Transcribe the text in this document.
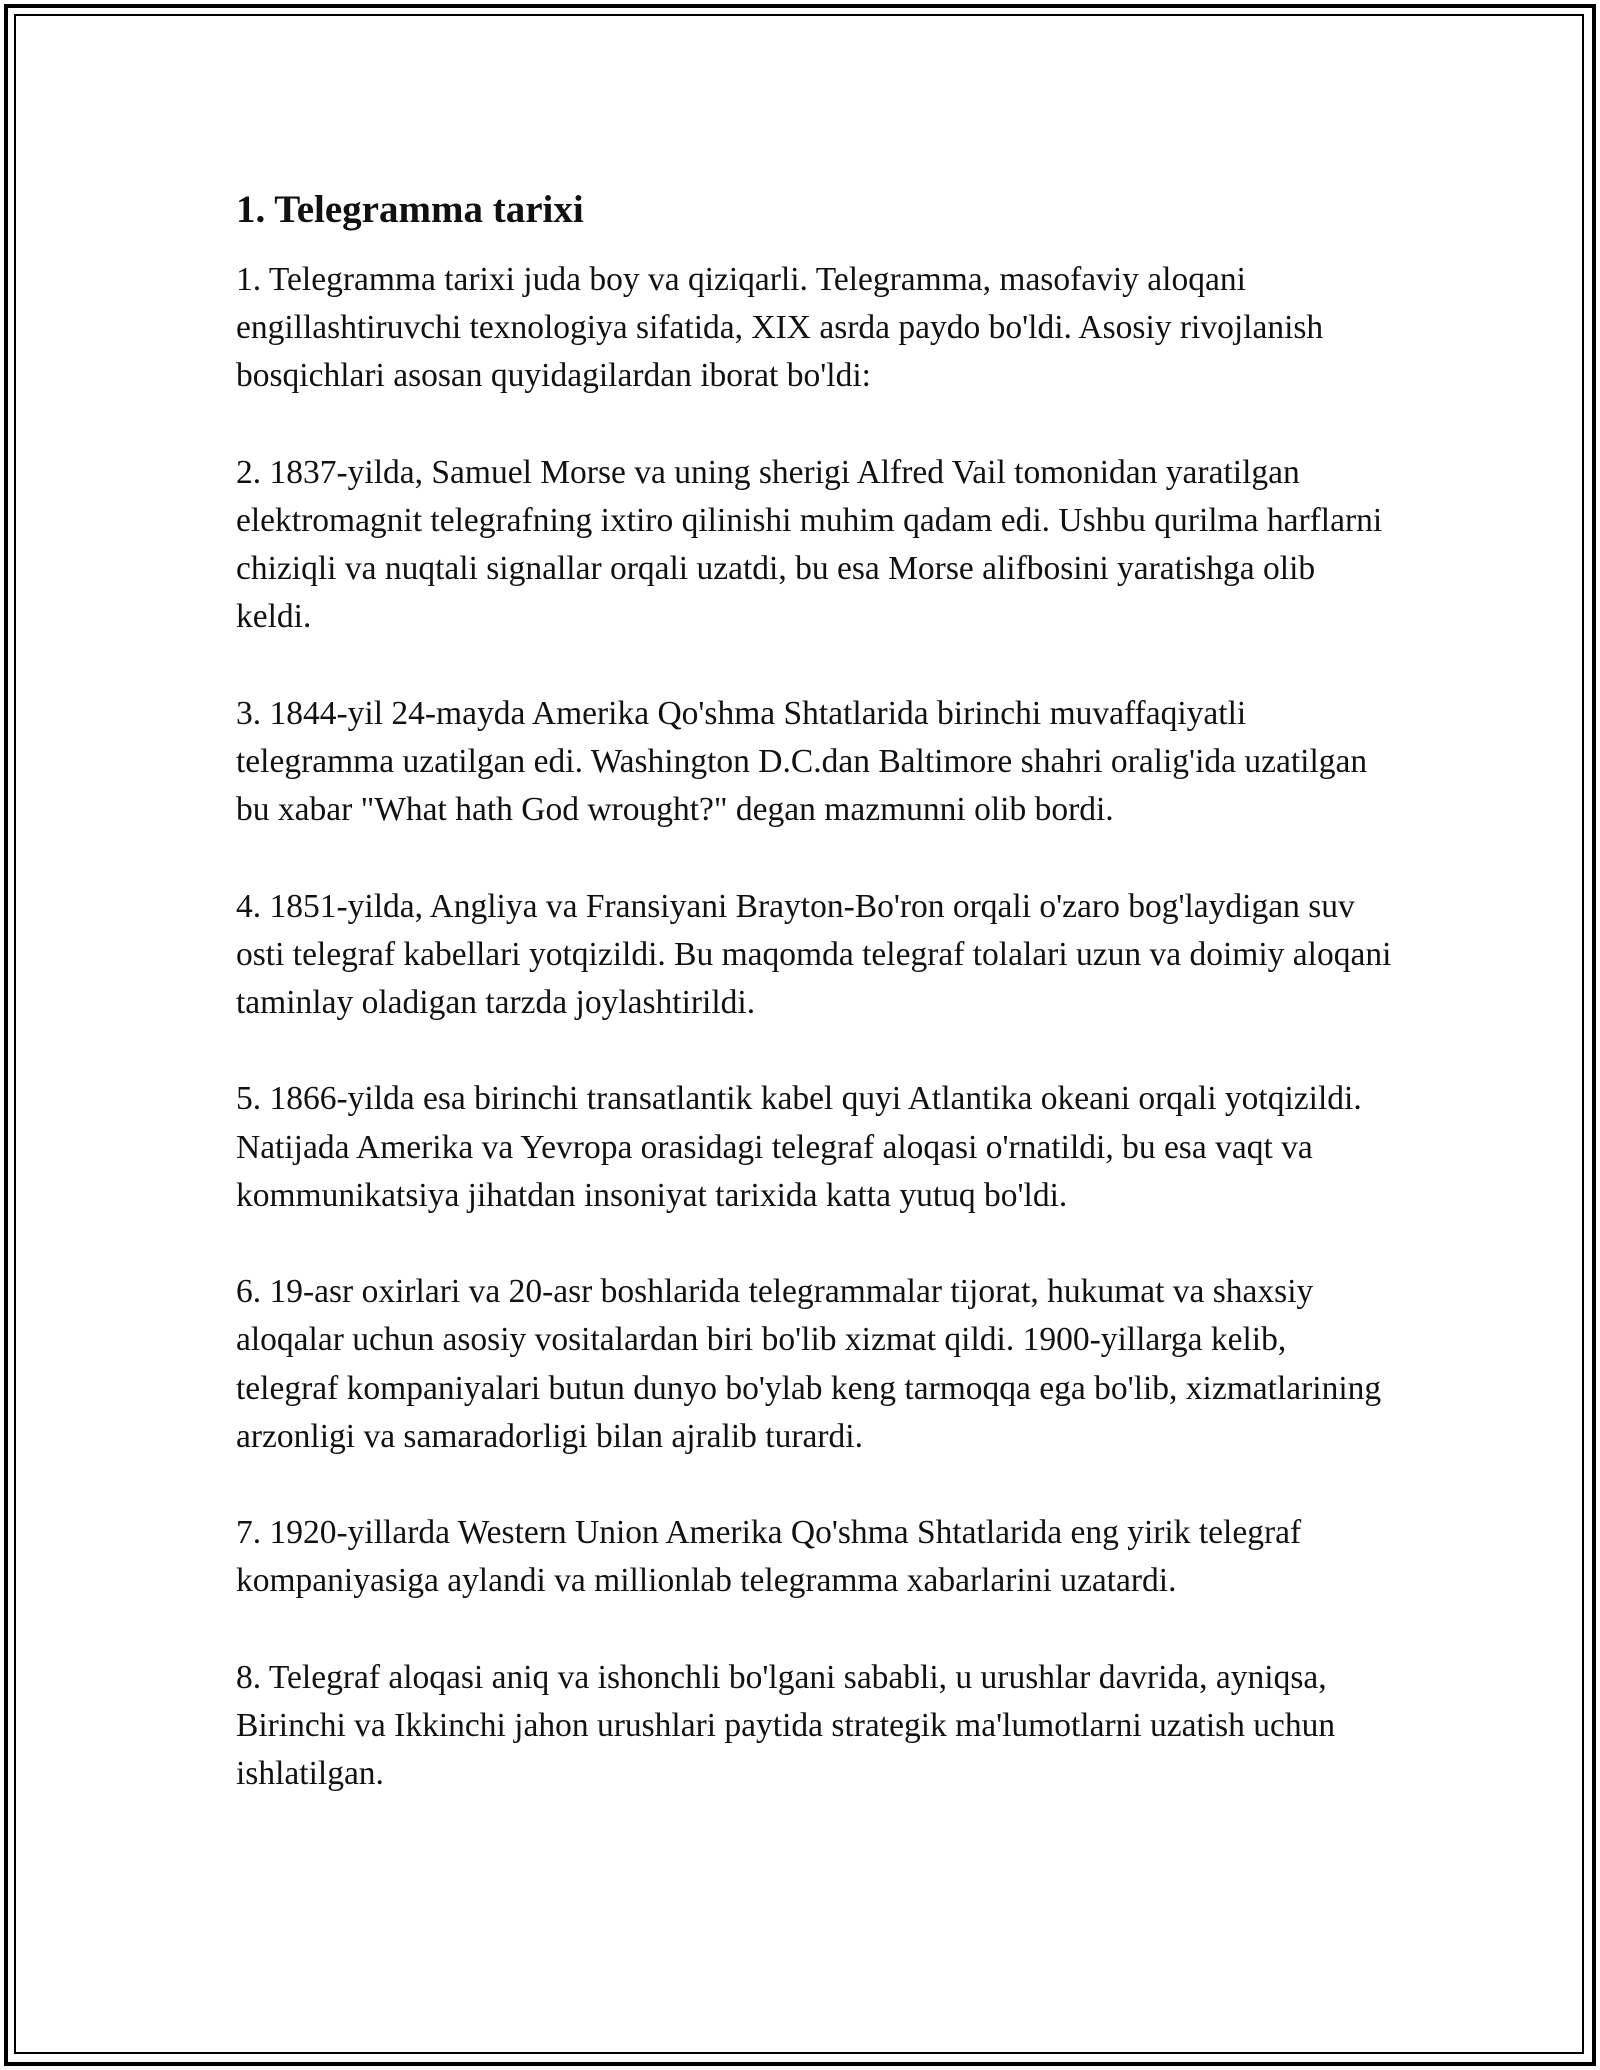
1. Telegramma tarixi

1. Telegramma tarixi juda boy va qiziqarli. Telegramma, masofaviy aloqani engillashtiruvchi texnologiya sifatida, XIX asrda paydo bo'ldi. Asosiy rivojlanish bosqichlari asosan quyidagilardan iborat bo'ldi:

2. 1837-yilda, Samuel Morse va uning sherigi Alfred Vail tomonidan yaratilgan elektromagnit telegrafning ixtiro qilinishi muhim qadam edi. Ushbu qurilma harflarni chiziqli va nuqtali signallar orqali uzatdi, bu esa Morse alifbosini yaratishga olib keldi.

3. 1844-yil 24-mayda Amerika Qo'shma Shtatlarida birinchi muvaffaqiyatli telegramma uzatilgan edi. Washington D.C.dan Baltimore shahri oralig'ida uzatilgan bu xabar "What hath God wrought?" degan mazmunni olib bordi.

4. 1851-yilda, Angliya va Fransiyani Brayton-Bo'ron orqali o'zaro bog'laydigan suv osti telegraf kabellari yotqizildi. Bu maqomda telegraf tolalari uzun va doimiy aloqani taminlay oladigan tarzda joylashtirildi.

5. 1866-yilda esa birinchi transatlantik kabel quyi Atlantika okeani orqali yotqizildi. Natijada Amerika va Yevropa orasidagi telegraf aloqasi o'rnatildi, bu esa vaqt va kommunikatsiya jihatdan insoniyat tarixida katta yutuq bo'ldi.

6. 19-asr oxirlari va 20-asr boshlarida telegrammalar tijorat, hukumat va shaxsiy aloqalar uchun asosiy vositalardan biri bo'lib xizmat qildi. 1900-yillarga kelib, telegraf kompaniyalari butun dunyo bo'ylab keng tarmoqqa ega bo'lib, xizmatlarining arzonligi va samaradorligi bilan ajralib turardi.

7. 1920-yillarda Western Union Amerika Qo'shma Shtatlarida eng yirik telegraf kompaniyasiga aylandi va millionlab telegramma xabarlarini uzatardi.

8. Telegraf aloqasi aniq va ishonchli bo'lgani sababli, u urushlar davrida, ayniqsa, Birinchi va Ikkinchi jahon urushlari paytida strategik ma'lumotlarni uzatish uchun ishlatilgan.
